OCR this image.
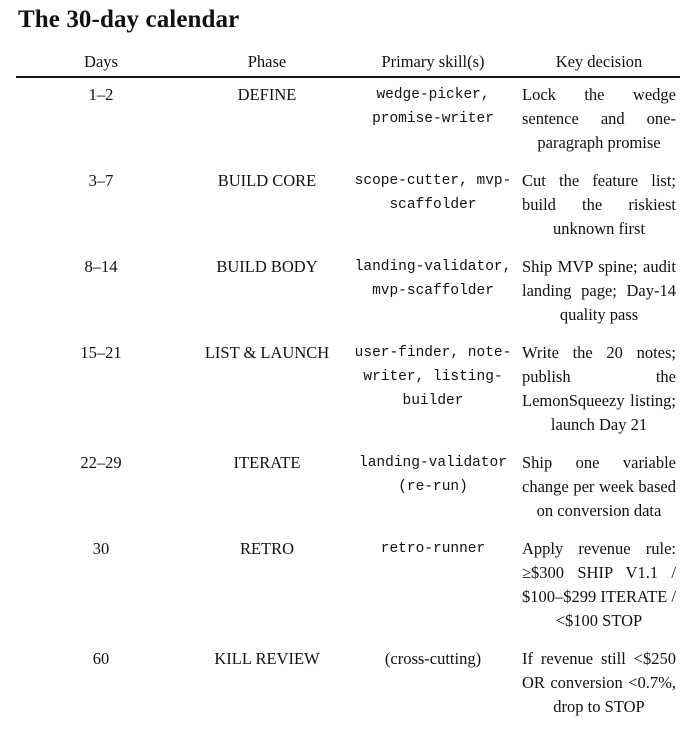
The 30-day calendar
Days	Phase	Primary skill(s)	Key decision
1–2	DEFINE	wedge-picker, promise-writer	Lock the wedge sentence and one-paragraph promise
3–7	BUILD CORE	scope-cutter, mvp-scaffolder	Cut the feature list; build the riskiest unknown first
8–14	BUILD BODY	landing-validator, mvp-scaffolder	Ship MVP spine; audit landing page; Day-14 quality pass
15–21	LIST & LAUNCH	user-finder, note-writer, listing-builder	Write the 20 notes; publish the LemonSqueezy listing; launch Day 21
22–29	ITERATE	landing-validator (re-run)	Ship one variable change per week based on conversion data
30	RETRO	retro-runner	Apply revenue rule: ≥$300 SHIP V1.1 / $100–$299 ITERATE / <$100 STOP
60	KILL REVIEW	(cross-cutting)	If revenue still <$250 OR conversion <0.7%, drop to STOP
